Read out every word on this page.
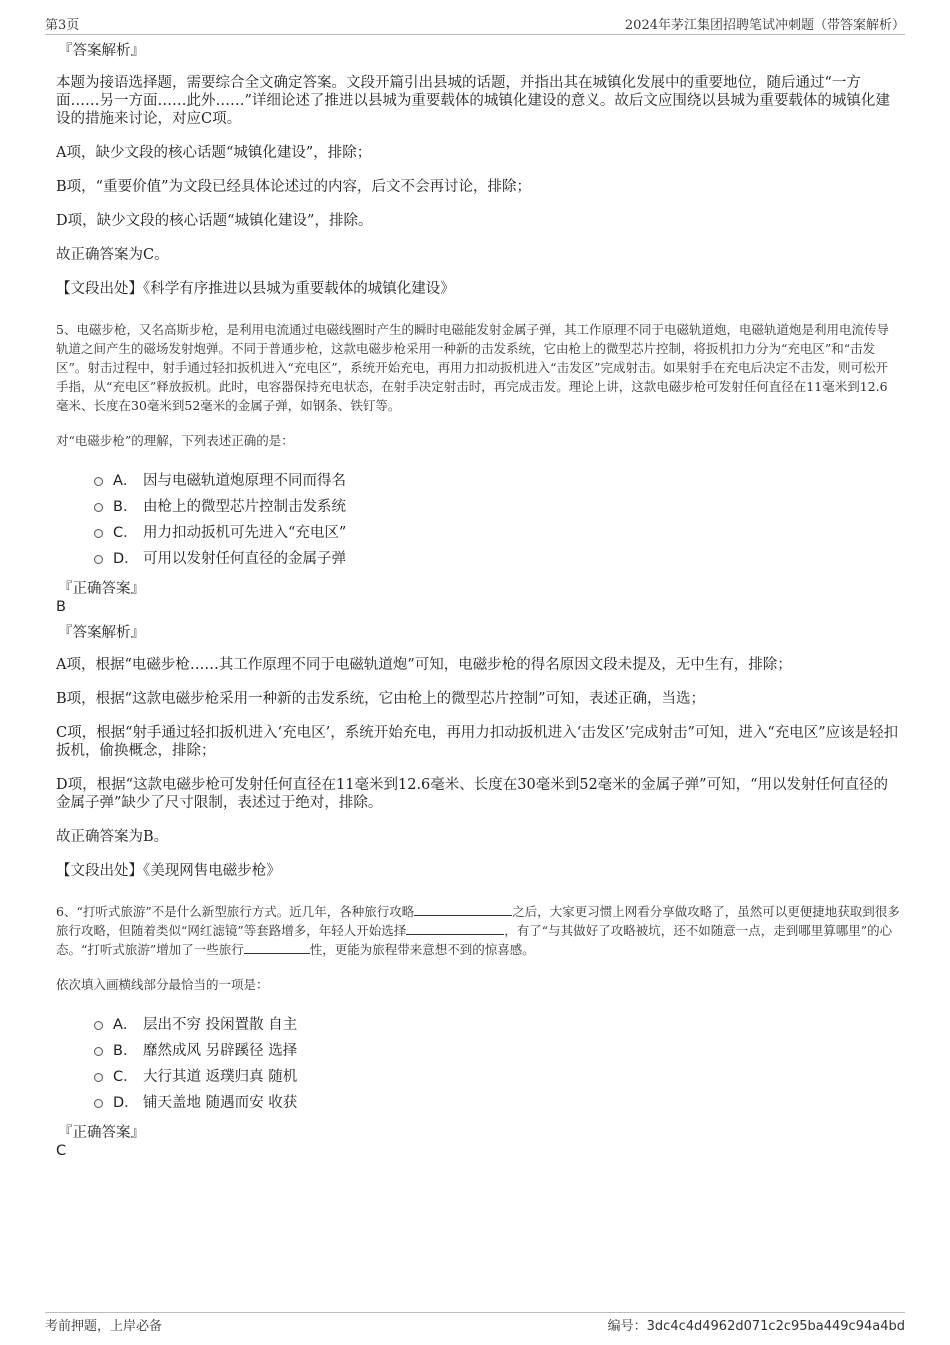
第3页	2024年茅江集团招聘笔试冲刺题（带答案解析）

『答案解析』

本题为接语选择题，需要综合全文确定答案。文段开篇引出县城的话题，并指出其在城镇化发展中的重要地位，随后通过“一方面……另一方面……此外……”详细论述了推进以县城为重要载体的城镇化建设的意义。故后文应围绕以县城为重要载体的城镇化建设的措施来讨论，对应C项。

A项，缺少文段的核心话题“城镇化建设”，排除；

B项，“重要价值”为文段已经具体论述过的内容，后文不会再讨论，排除；

D项，缺少文段的核心话题“城镇化建设”，排除。

故正确答案为C。

【文段出处】《科学有序推进以县城为重要载体的城镇化建设》

5、电磁步枪，又名高斯步枪，是利用电流通过电磁线圈时产生的瞬时电磁能发射金属子弹，其工作原理不同于电磁轨道炮，电磁轨道炮是利用电流传导轨道之间产生的磁场发射炮弹。不同于普通步枪，这款电磁步枪采用一种新的击发系统，它由枪上的微型芯片控制，将扳机扣力分为“充电区”和“击发区”。射击过程中，射手通过轻扣扳机进入“充电区”，系统开始充电，再用力扣动扳机进入“击发区”完成射击。如果射手在充电后决定不击发，则可松开手指，从“充电区”释放扳机。此时，电容器保持充电状态，在射手决定射击时，再完成击发。理论上讲，这款电磁步枪可发射任何直径在11毫米到12.6毫米、长度在30毫米到52毫米的金属子弹，如钢条、铁钉等。

对“电磁步枪”的理解，下列表述正确的是：

A． 因与电磁轨道炮原理不同而得名
B． 由枪上的微型芯片控制击发系统
C． 用力扣动扳机可先进入“充电区”
D． 可用以发射任何直径的金属子弹

『正确答案』

B

『答案解析』

A项，根据“电磁步枪……其工作原理不同于电磁轨道炮”可知，电磁步枪的得名原因文段未提及，无中生有，排除；

B项，根据“这款电磁步枪采用一种新的击发系统，它由枪上的微型芯片控制”可知，表述正确，当选；

C项，根据“射手通过轻扣扳机进入‘充电区’，系统开始充电，再用力扣动扳机进入‘击发区’完成射击”可知，进入“充电区”应该是轻扣扳机，偷换概念，排除；

D项，根据“这款电磁步枪可发射任何直径在11毫米到12.6毫米、长度在30毫米到52毫米的金属子弹”可知，“用以发射任何直径的金属子弹”缺少了尺寸限制，表述过于绝对，排除。

故正确答案为B。

【文段出处】《美现网售电磁步枪》

6、“打听式旅游”不是什么新型旅行方式。近几年，各种旅行攻略	之后，大家更习惯上网看分享做攻略了，虽然可以更便捷地获取到很多旅行攻略，但随着类似“网红滤镜”等套路增多，年轻人开始选择	，有了“与其做好了攻略被坑，还不如随意一点，走到哪里算哪里”的心态。“打听式旅游”增加了一些旅行	性，更能为旅程带来意想不到的惊喜感。

依次填入画横线部分最恰当的一项是：

A． 层出不穷 投闲置散 自主
B． 靡然成风 另辟蹊径 选择
C． 大行其道 返璞归真 随机
D． 铺天盖地 随遇而安 收获

『正确答案』

C

考前押题，上岸必备	编号：3dc4c4d4962d071c2c95ba449c94a4bd
